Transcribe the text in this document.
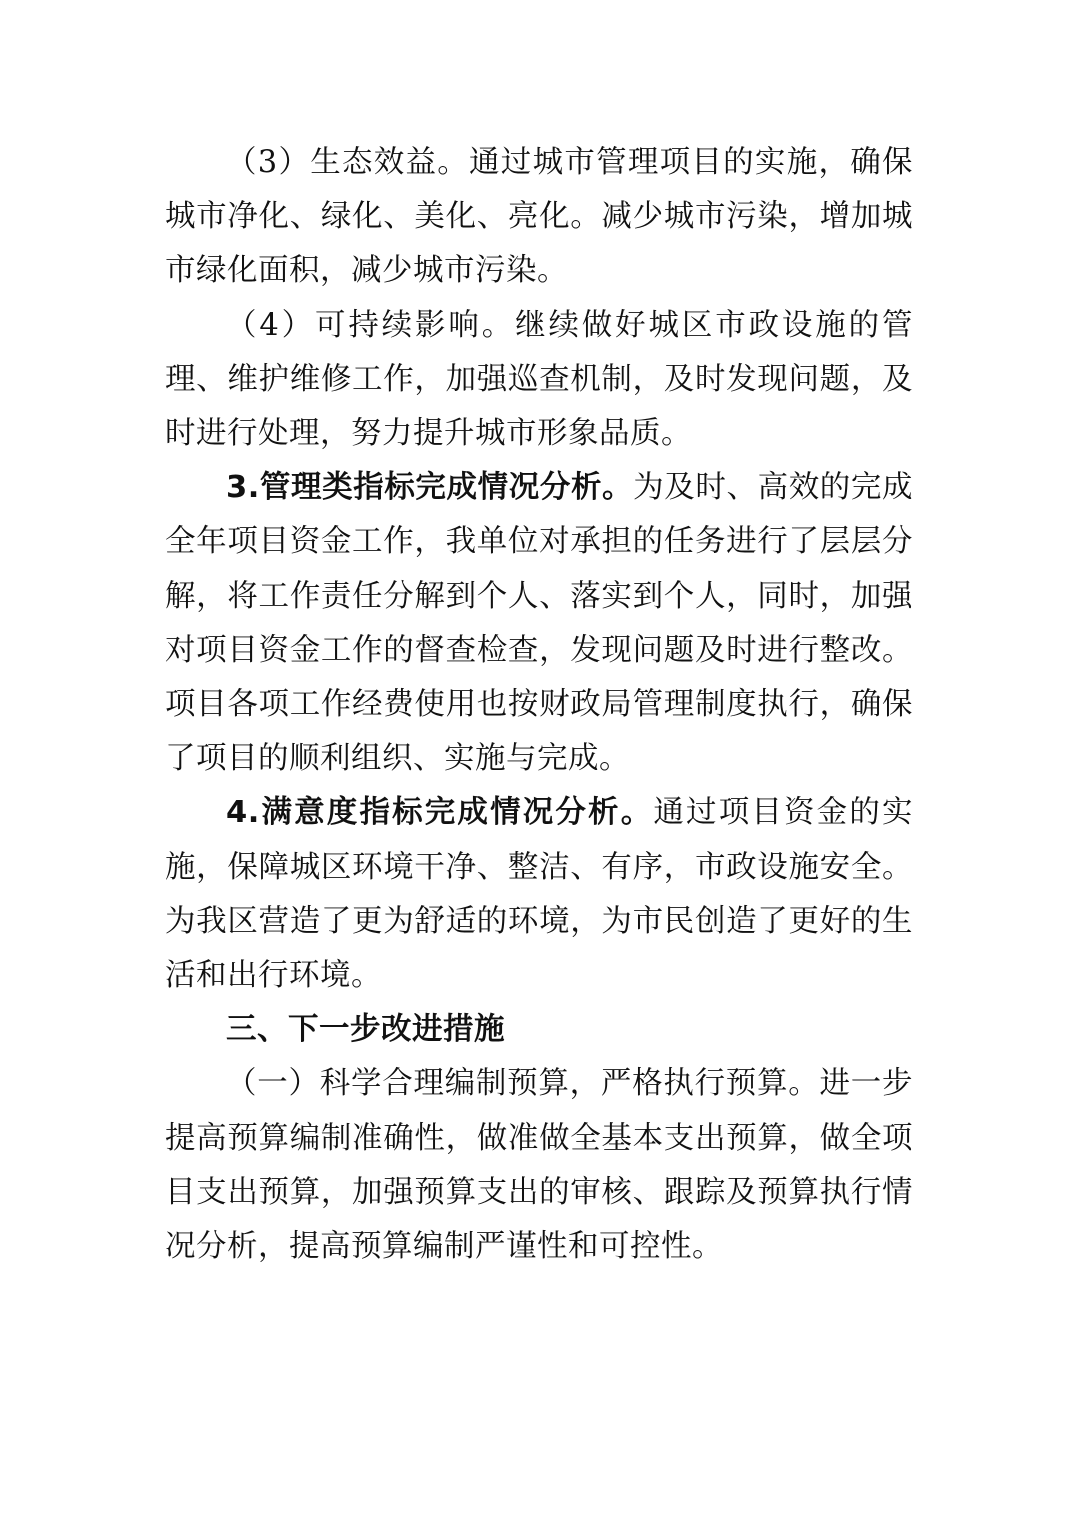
（3）生态效益。通过城市管理项目的实施，确保城市净化、绿化、美化、亮化。减少城市污染，增加城市绿化面积，减少城市污染。

（4）可持续影响。继续做好城区市政设施的管理、维护维修工作，加强巡查机制，及时发现问题，及时进行处理，努力提升城市形象品质。

3.管理类指标完成情况分析。为及时、高效的完成全年项目资金工作，我单位对承担的任务进行了层层分解，将工作责任分解到个人、落实到个人，同时，加强对项目资金工作的督查检查，发现问题及时进行整改。项目各项工作经费使用也按财政局管理制度执行，确保了项目的顺利组织、实施与完成。

4.满意度指标完成情况分析。通过项目资金的实施，保障城区环境干净、整洁、有序，市政设施安全。为我区营造了更为舒适的环境，为市民创造了更好的生活和出行环境。

三、下一步改进措施

（一）科学合理编制预算，严格执行预算。进一步提高预算编制准确性，做准做全基本支出预算，做全项目支出预算，加强预算支出的审核、跟踪及预算执行情况分析，提高预算编制严谨性和可控性。
